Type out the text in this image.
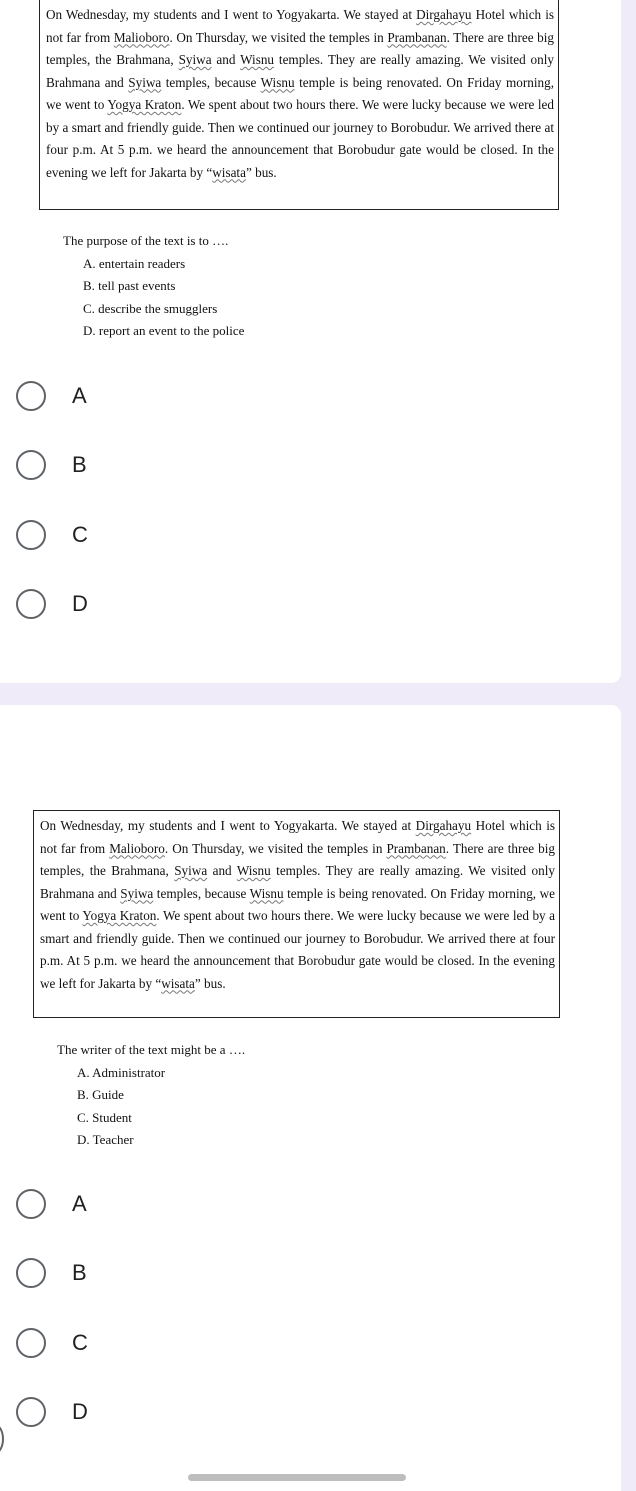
On Wednesday, my students and I went to Yogyakarta. We stayed at Dirgahayu Hotel which is not far from Malioboro. On Thursday, we visited the temples in Prambanan. There are three big temples, the Brahmana, Syiwa and Wisnu temples. They are really amazing. We visited only Brahmana and Syiwa temples, because Wisnu temple is being renovated. On Friday morning, we went to Yogya Kraton. We spent about two hours there. We were lucky because we were led by a smart and friendly guide. Then we continued our journey to Borobudur. We arrived there at four p.m. At 5 p.m. we heard the announcement that Borobudur gate would be closed. In the evening we left for Jakarta by “wisata” bus.
The purpose of the text is to ….
A. entertain readers
B. tell past events
C. describe the smugglers
D. report an event to the police
A
B
C
D
On Wednesday, my students and I went to Yogyakarta. We stayed at Dirgahayu Hotel which is not far from Malioboro. On Thursday, we visited the temples in Prambanan. There are three big temples, the Brahmana, Syiwa and Wisnu temples. They are really amazing. We visited only Brahmana and Syiwa temples, because Wisnu temple is being renovated. On Friday morning, we went to Yogya Kraton. We spent about two hours there. We were lucky because we were led by a smart and friendly guide. Then we continued our journey to Borobudur. We arrived there at four p.m. At 5 p.m. we heard the announcement that Borobudur gate would be closed. In the evening we left for Jakarta by “wisata” bus.
The writer of the text might be a ….
A. Administrator
B. Guide
C. Student
D. Teacher
A
B
C
D
